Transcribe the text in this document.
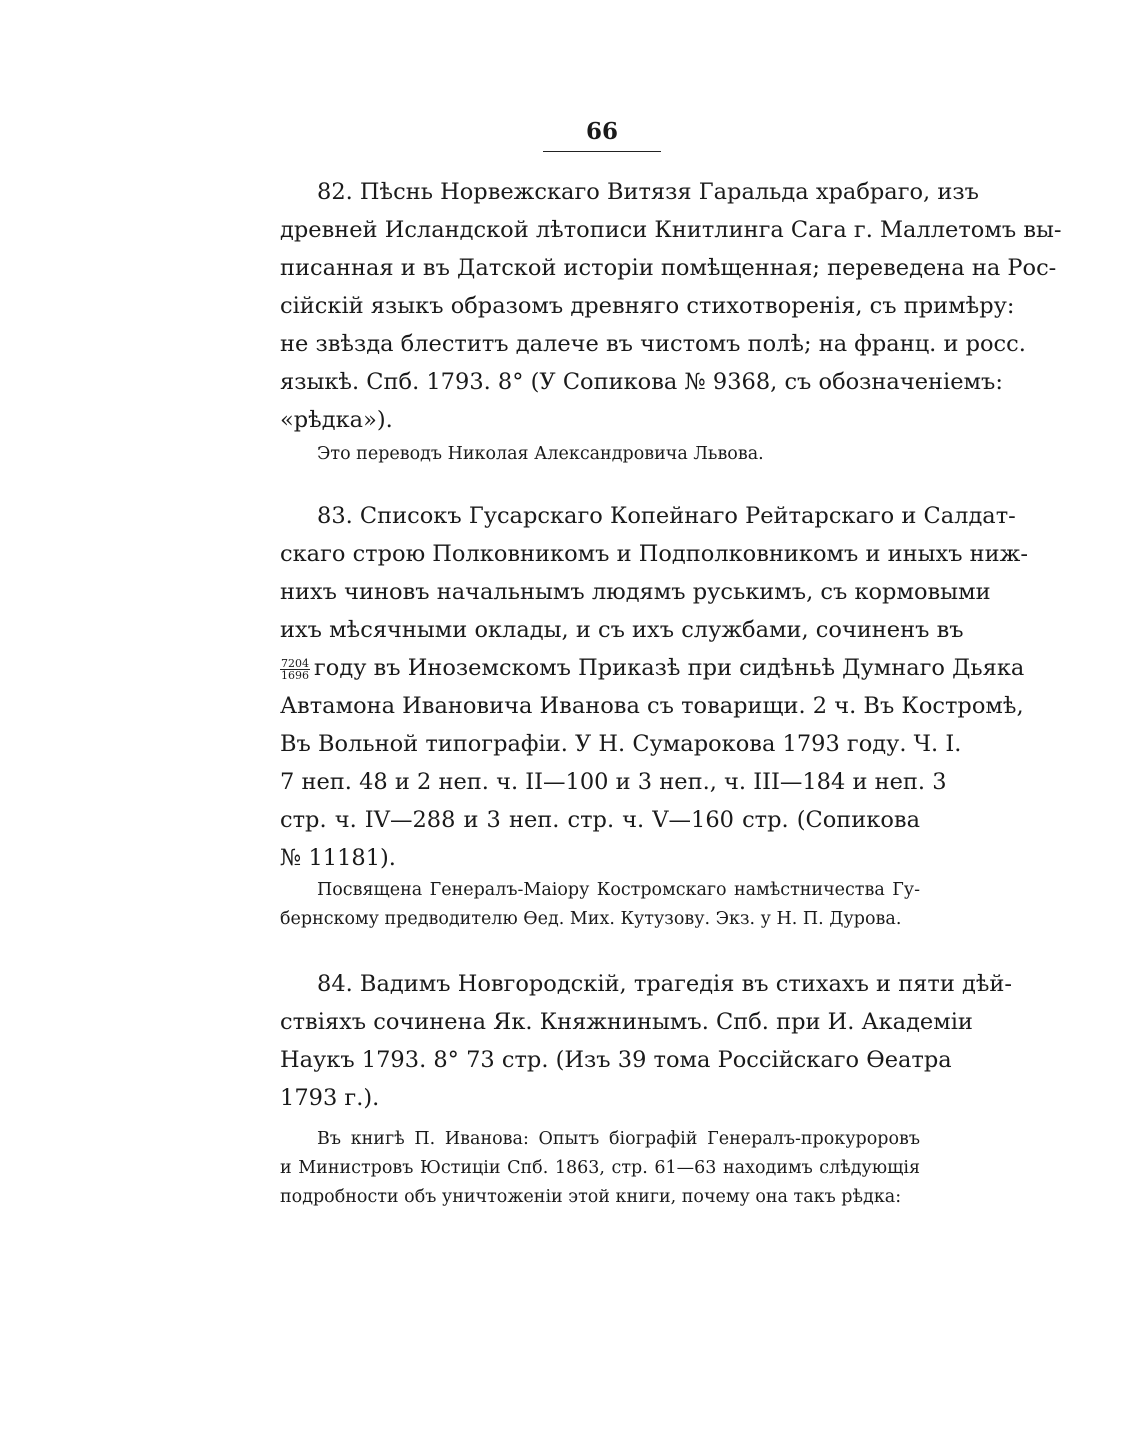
66
82. Пѣснь Норвежскаго Витязя Гаральда храбраго, изъ
древней Исландской лѣтописи Книтлинга Сага г. Маллетомъ вы-
писанная и въ Датской исторіи помѣщенная; переведена на Рос-
сійскій языкъ образомъ древняго стихотворенія, съ примѣру:
не звѣзда блеститъ далече въ чистомъ полѣ; на франц. и росс.
языкѣ. Спб. 1793. 8° (У Сопикова № 9368, съ обозначеніемъ:
«рѣдка»).
Это переводъ Николая Александровича Львова.
83. Списокъ Гусарскаго Копейнаго Рейтарскаго и Салдат-
скаго строю Полковникомъ и Подполковникомъ и иныхъ ниж-
нихъ чиновъ начальнымъ людямъ руськимъ, съ кормовыми
ихъ мѣсячными оклады, и съ ихъ службами, сочиненъ въ
$\frac{7204}{1696}$ году въ Иноземскомъ Приказѣ при сидѣньѣ Думнаго Дьяка
Автамона Ивановича Иванова съ товарищи. 2 ч. Въ Костромѣ,
Въ Вольной типографіи. У Н. Сумарокова 1793 году. Ч. I.
7 неп. 48 и 2 неп. ч. II—100 и 3 неп., ч. III—184 и неп. 3
стр. ч. IV—288 и 3 неп. стр. ч. V—160 стр. (Сопикова
№ 11181).
Посвящена Генералъ-Маіору Костромскаго намѣстничества Гу-
бернскому предводителю Ѳед. Мих. Кутузову. Экз. у Н. П. Дурова.
84. Вадимъ Новгородскій, трагедія въ стихахъ и пяти дѣй-
ствіяхъ сочинена Як. Княжнинымъ. Спб. при И. Академіи
Наукъ 1793. 8° 73 стр. (Изъ 39 тома Россійскаго Ѳеатра
1793 г.).
Въ книгѣ П. Иванова: Опытъ біографій Генералъ-прокуроровъ
и Министровъ Юстиціи Спб. 1863, стр. 61—63 находимъ слѣдующія
подробности объ уничтоженіи этой книги, почему она такъ рѣдка:
